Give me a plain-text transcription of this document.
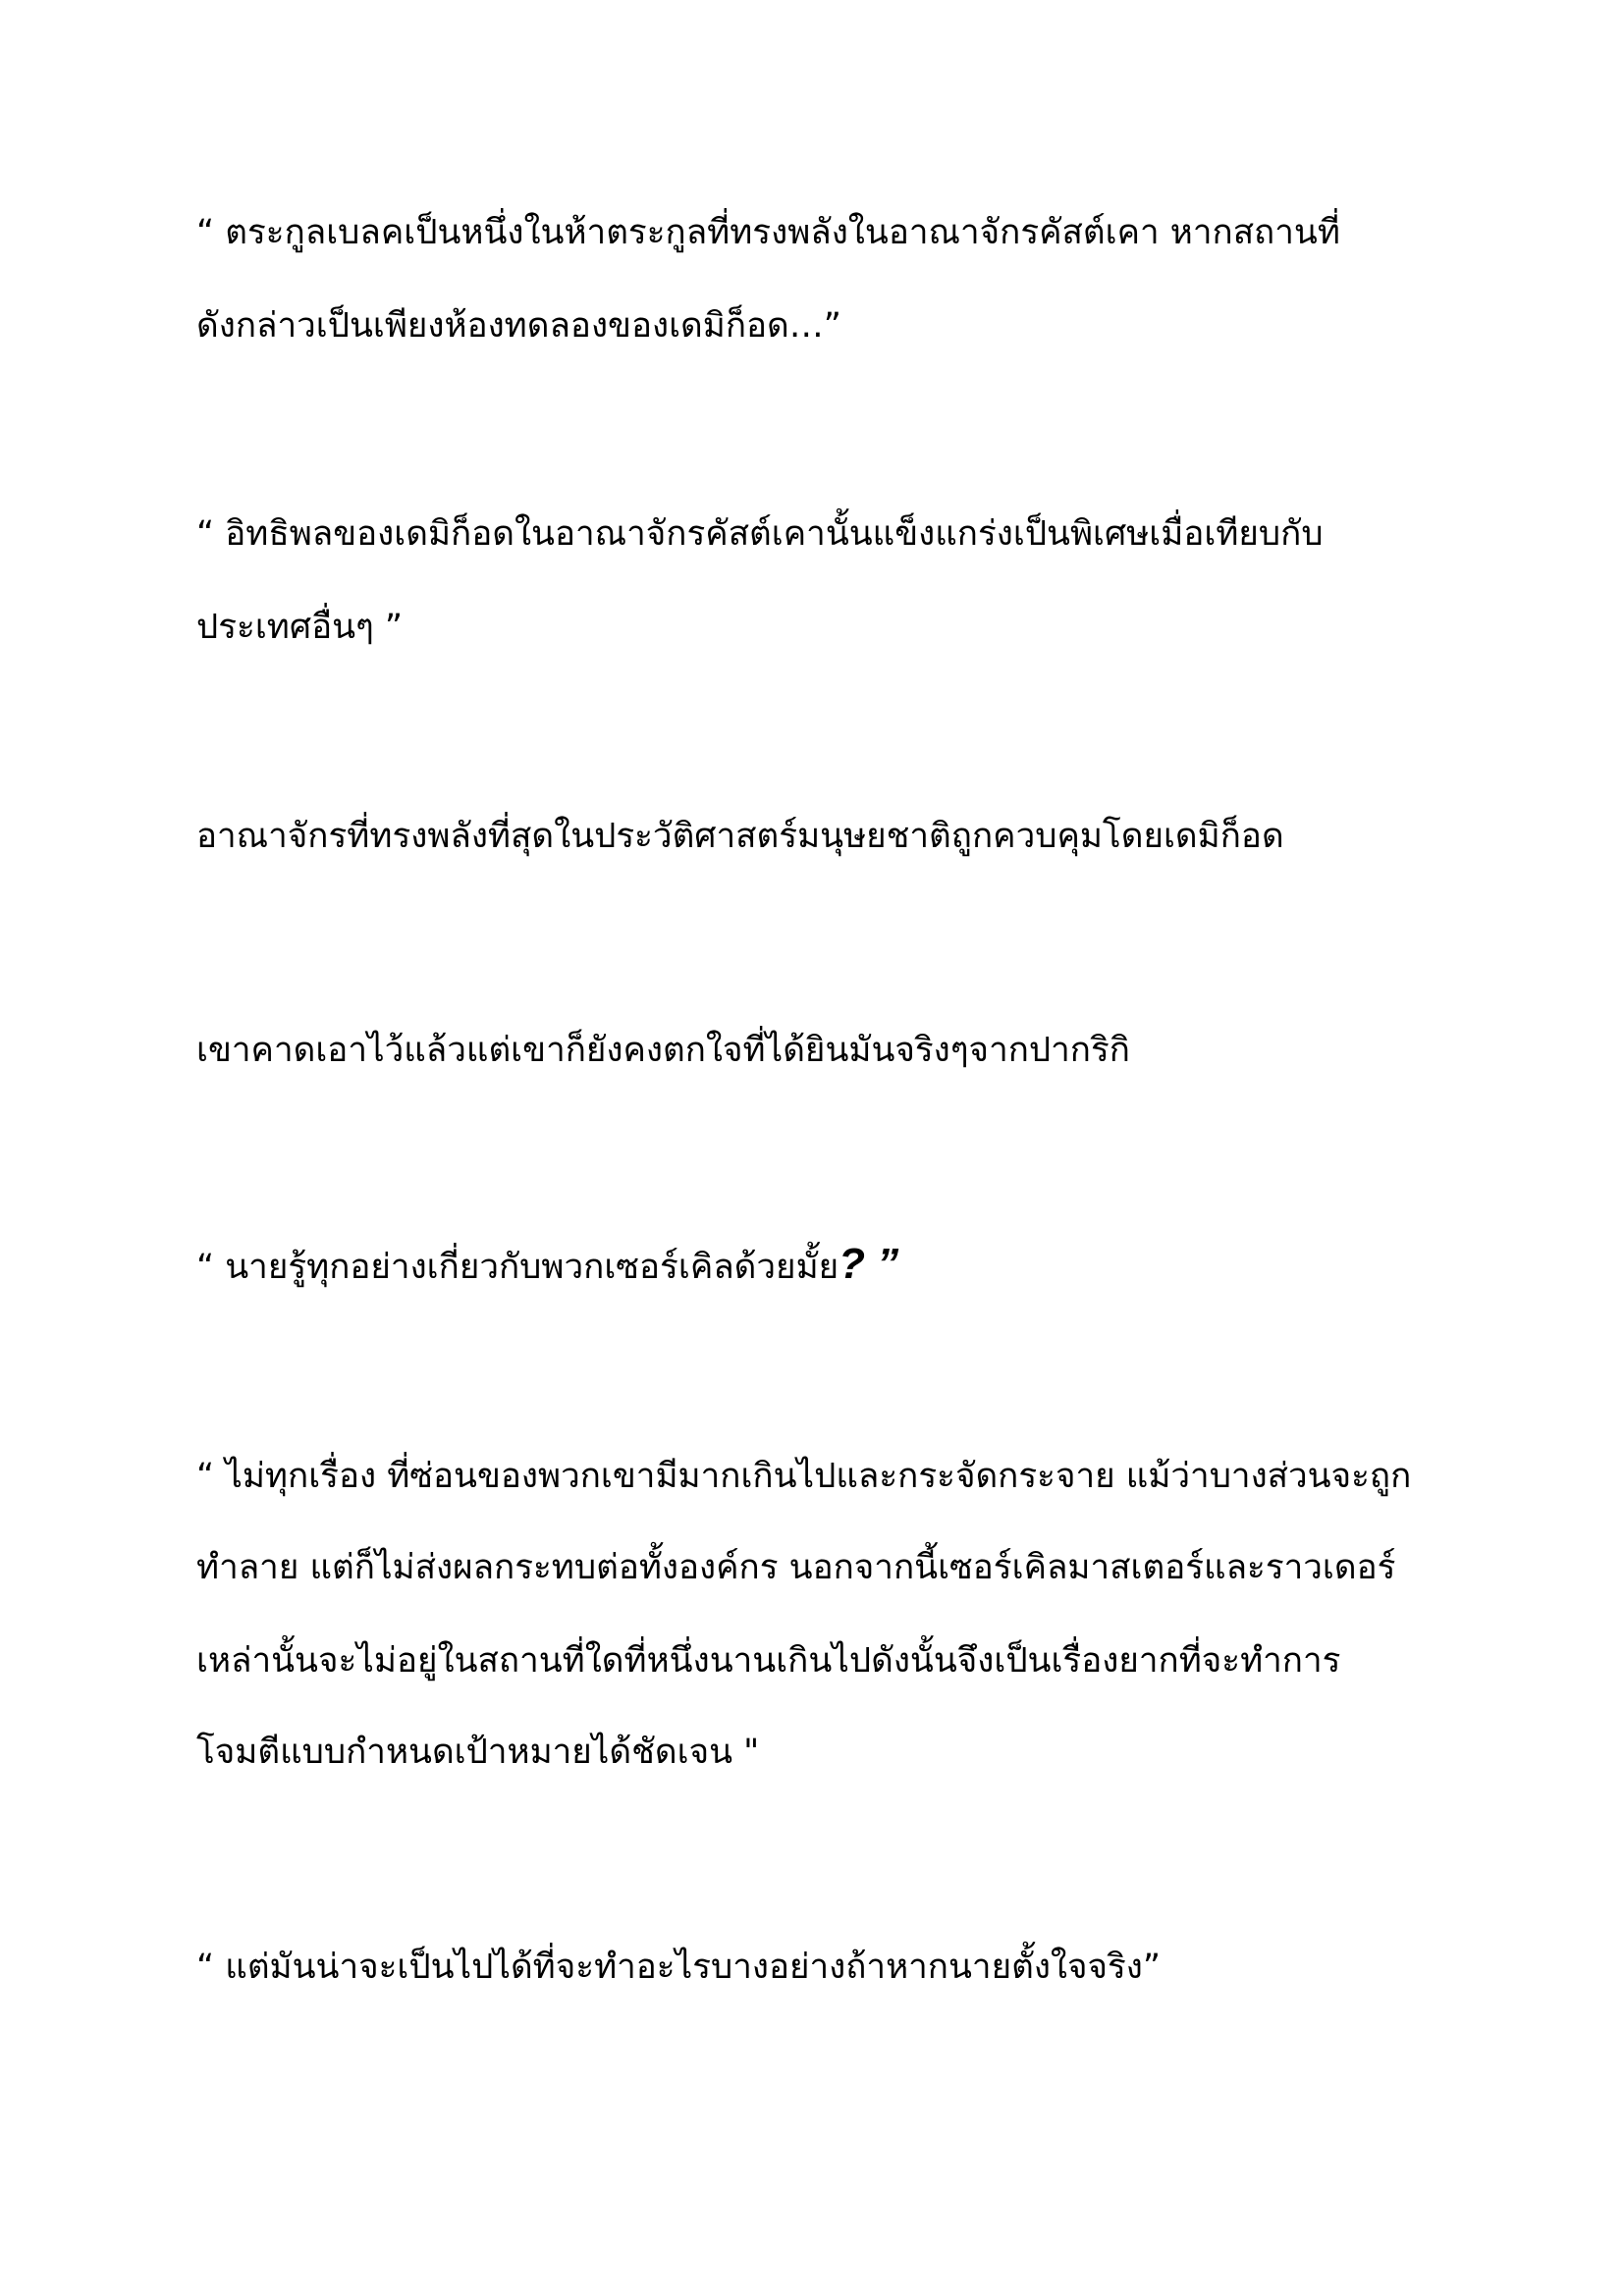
“ ตระกูลเบลคเป็นหนึ่งในห้าตระกูลที่ทรงพลังในอาณาจักรคัสต์เคา หากสถานที่

ดังกล่าวเป็นเพียงห้องทดลองของเดมิก็อด…”

“ อิทธิพลของเดมิก็อดในอาณาจักรคัสต์เคานั้นแข็งแกร่งเป็นพิเศษเมื่อเทียบกับ

ประเทศอื่นๆ ”

อาณาจักรที่ทรงพลังที่สุดในประวัติศาสตร์มนุษยชาติถูกควบคุมโดยเดมิก็อด

เขาคาดเอาไว้แล้วแต่เขาก็ยังคงตกใจที่ได้ยินมันจริงๆจากปากริกิ

“ นายรู้ทุกอย่างเกี่ยวกับพวกเซอร์เคิลด้วยมั้ย? ”

“ ไม่ทุกเรื่อง ที่ซ่อนของพวกเขามีมากเกินไปและกระจัดกระจาย แม้ว่าบางส่วนจะถูก

ทำลาย แต่ก็ไม่ส่งผลกระทบต่อทั้งองค์กร นอกจากนี้เซอร์เคิลมาสเตอร์และราวเดอร์

เหล่านั้นจะไม่อยู่ในสถานที่ใดที่หนึ่งนานเกินไปดังนั้นจึงเป็นเรื่องยากที่จะทำการ

โจมตีแบบกำหนดเป้าหมายได้ชัดเจน "

“ แต่มันน่าจะเป็นไปได้ที่จะทำอะไรบางอย่างถ้าหากนายตั้งใจจริง”
